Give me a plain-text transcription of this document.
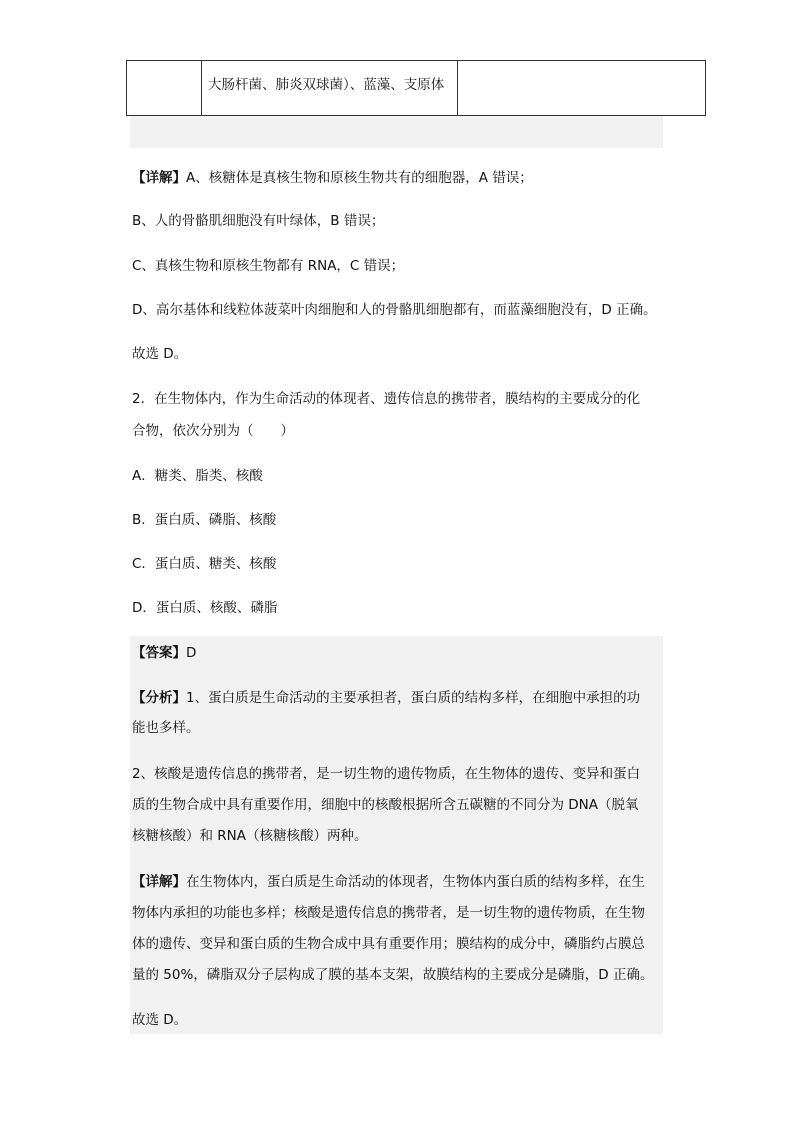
大肠杆菌、肺炎双球菌）、蓝藻、支原体

【详解】A、核糖体是真核生物和原核生物共有的细胞器，A 错误；
B、人的骨骼肌细胞没有叶绿体，B 错误；
C、真核生物和原核生物都有 RNA，C 错误；
D、高尔基体和线粒体菠菜叶肉细胞和人的骨骼肌细胞都有，而蓝藻细胞没有，D 正确。
故选 D。
2．在生物体内，作为生命活动的体现者、遗传信息的携带者，膜结构的主要成分的化
合物，依次分别为（　　）
A．糖类、脂类、核酸
B．蛋白质、磷脂、核酸
C．蛋白质、糖类、核酸
D．蛋白质、核酸、磷脂
【答案】D
【分析】1、蛋白质是生命活动的主要承担者，蛋白质的结构多样，在细胞中承担的功
能也多样。
2、核酸是遗传信息的携带者，是一切生物的遗传物质，在生物体的遗传、变异和蛋白
质的生物合成中具有重要作用，细胞中的核酸根据所含五碳糖的不同分为 DNA（脱氧
核糖核酸）和 RNA（核糖核酸）两种。
【详解】在生物体内，蛋白质是生命活动的体现者，生物体内蛋白质的结构多样，在生
物体内承担的功能也多样；核酸是遗传信息的携带者，是一切生物的遗传物质，在生物
体的遗传、变异和蛋白质的生物合成中具有重要作用；膜结构的成分中，磷脂约占膜总
量的 50%，磷脂双分子层构成了膜的基本支架，故膜结构的主要成分是磷脂，D 正确。
故选 D。
